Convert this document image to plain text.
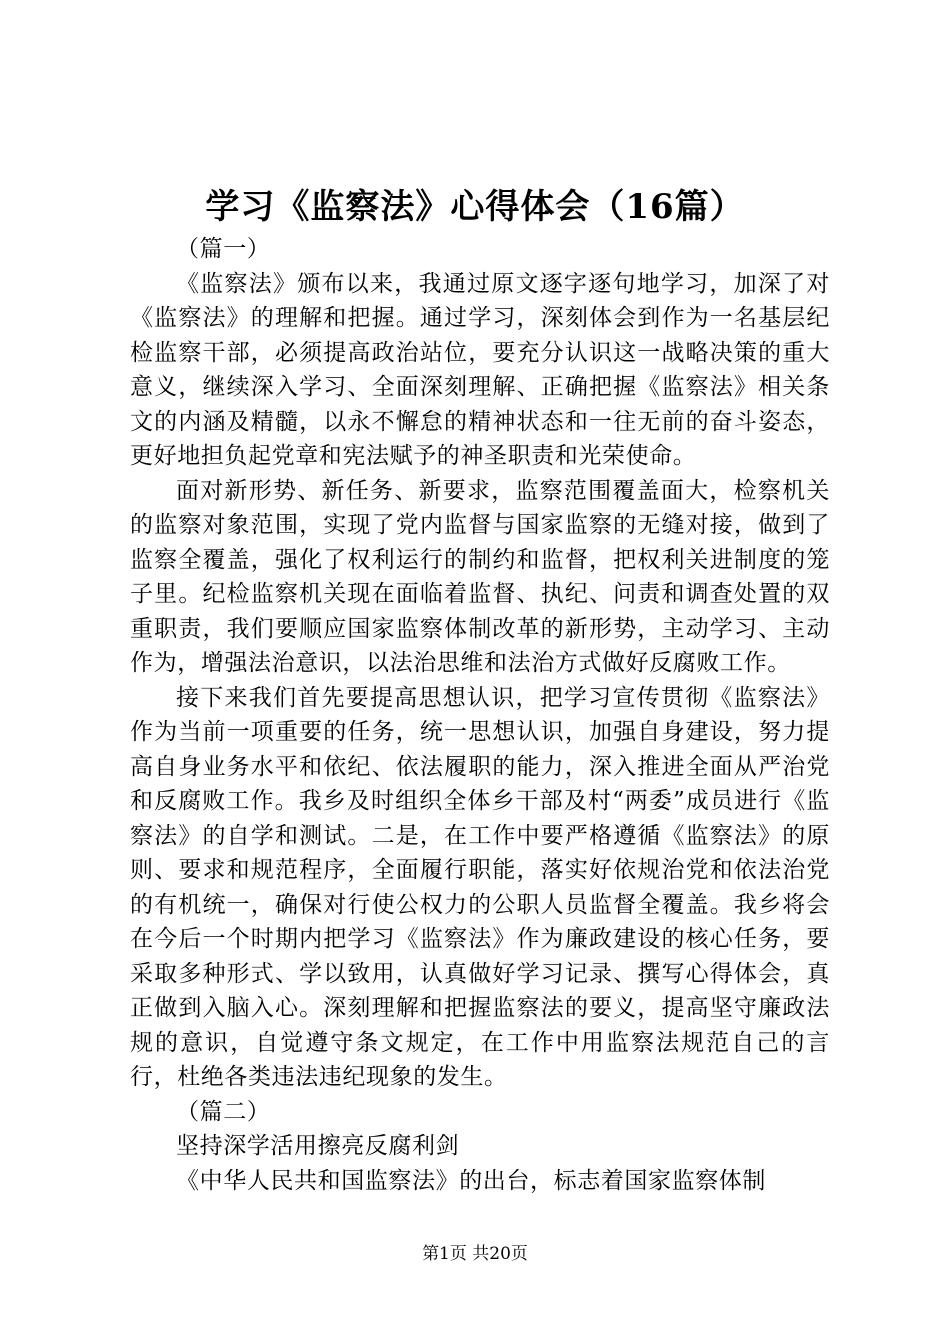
学习《监察法》心得体会（16篇）

（篇一）

《监察法》颁布以来，我通过原文逐字逐句地学习，加深了对《监察法》的理解和把握。通过学习，深刻体会到作为一名基层纪检监察干部，必须提高政治站位，要充分认识这一战略决策的重大意义，继续深入学习、全面深刻理解、正确把握《监察法》相关条文的内涵及精髓，以永不懈怠的精神状态和一往无前的奋斗姿态，更好地担负起党章和宪法赋予的神圣职责和光荣使命。

面对新形势、新任务、新要求，监察范围覆盖面大，检察机关的监察对象范围，实现了党内监督与国家监察的无缝对接，做到了监察全覆盖，强化了权利运行的制约和监督，把权利关进制度的笼子里。纪检监察机关现在面临着监督、执纪、问责和调查处置的双重职责，我们要顺应国家监察体制改革的新形势，主动学习、主动作为，增强法治意识，以法治思维和法治方式做好反腐败工作。

接下来我们首先要提高思想认识，把学习宣传贯彻《监察法》作为当前一项重要的任务，统一思想认识，加强自身建设，努力提高自身业务水平和依纪、依法履职的能力，深入推进全面从严治党和反腐败工作。我乡及时组织全体乡干部及村“两委”成员进行《监察法》的自学和测试。二是，在工作中要严格遵循《监察法》的原则、要求和规范程序，全面履行职能，落实好依规治党和依法治党的有机统一，确保对行使公权力的公职人员监督全覆盖。我乡将会在今后一个时期内把学习《监察法》作为廉政建设的核心任务，要采取多种形式、学以致用，认真做好学习记录、撰写心得体会，真正做到入脑入心。深刻理解和把握监察法的要义，提高坚守廉政法规的意识，自觉遵守条文规定，在工作中用监察法规范自己的言行，杜绝各类违法违纪现象的发生。

（篇二）

坚持深学活用擦亮反腐利剑

《中华人民共和国监察法》的出台，标志着国家监察体制

第1页 共20页
